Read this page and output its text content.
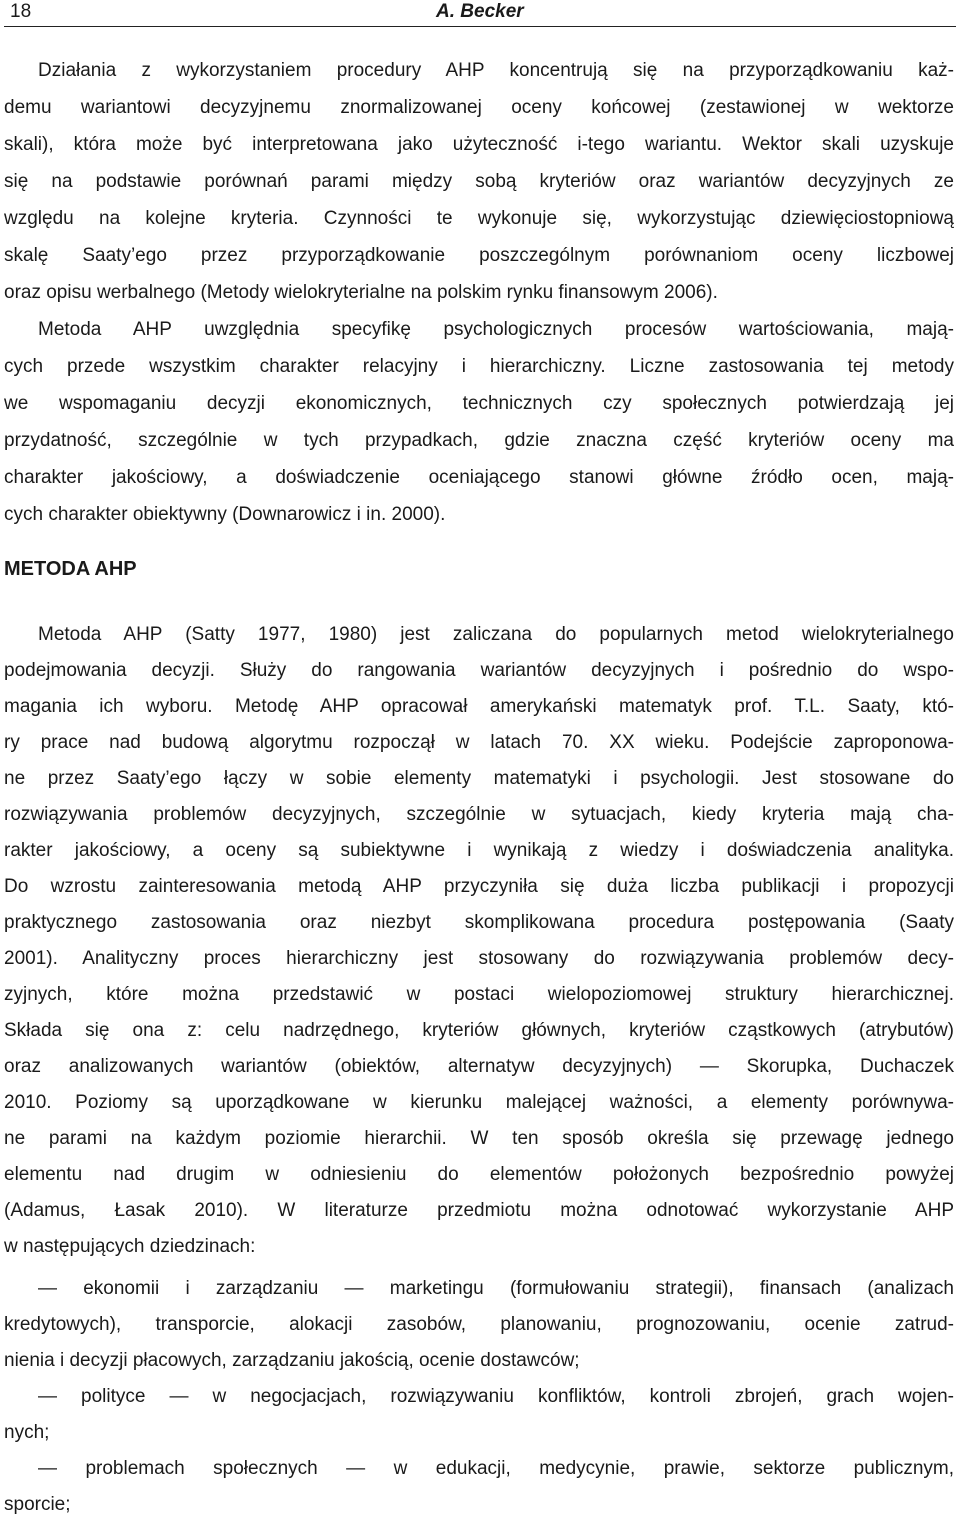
18	A. Becker
Działania z wykorzystaniem procedury AHP koncentrują się na przyporządkowaniu każ-
demu wariantowi decyzyjnemu znormalizowanej oceny końcowej (zestawionej w wektorze
skali), która może być interpretowana jako użyteczność i-tego wariantu. Wektor skali uzyskuje
się na podstawie porównań parami między sobą kryteriów oraz wariantów decyzyjnych ze
względu na kolejne kryteria. Czynności te wykonuje się, wykorzystując dziewięciostopniową
skalę Saaty’ego przez przyporządkowanie poszczególnym porównaniom oceny liczbowej
oraz opisu werbalnego (Metody wielokryterialne na polskim rynku finansowym 2006).
Metoda AHP uwzględnia specyfikę psychologicznych procesów wartościowania, mają-
cych przede wszystkim charakter relacyjny i hierarchiczny. Liczne zastosowania tej metody
we wspomaganiu decyzji ekonomicznych, technicznych czy społecznych potwierdzają jej
przydatność, szczególnie w tych przypadkach, gdzie znaczna część kryteriów oceny ma
charakter jakościowy, a doświadczenie oceniającego stanowi główne źródło ocen, mają-
cych charakter obiektywny (Downarowicz i in. 2000).
METODA AHP
Metoda AHP (Satty 1977, 1980) jest zaliczana do popularnych metod wielokryterialnego
podejmowania decyzji. Służy do rangowania wariantów decyzyjnych i pośrednio do wspo-
magania ich wyboru. Metodę AHP opracował amerykański matematyk prof. T.L. Saaty, któ-
ry prace nad budową algorytmu rozpoczął w latach 70. XX wieku. Podejście zaproponowa-
ne przez Saaty’ego łączy w sobie elementy matematyki i psychologii. Jest stosowane do
rozwiązywania problemów decyzyjnych, szczególnie w sytuacjach, kiedy kryteria mają cha-
rakter jakościowy, a oceny są subiektywne i wynikają z wiedzy i doświadczenia analityka.
Do wzrostu zainteresowania metodą AHP przyczyniła się duża liczba publikacji i propozycji
praktycznego zastosowania oraz niezbyt skomplikowana procedura postępowania (Saaty
2001). Analityczny proces hierarchiczny jest stosowany do rozwiązywania problemów decy-
zyjnych, które można przedstawić w postaci wielopoziomowej struktury hierarchicznej.
Składa się ona z: celu nadrzędnego, kryteriów głównych, kryteriów cząstkowych (atrybutów)
oraz analizowanych wariantów (obiektów, alternatyw decyzyjnych) — Skorupka, Duchaczek
2010. Poziomy są uporządkowane w kierunku malejącej ważności, a elementy porównywa-
ne parami na każdym poziomie hierarchii. W ten sposób określa się przewagę jednego
elementu nad drugim w odniesieniu do elementów położonych bezpośrednio powyżej
(Adamus, Łasak 2010). W literaturze przedmiotu można odnotować wykorzystanie AHP
w następujących dziedzinach:
— ekonomii i zarządzaniu — marketingu (formułowaniu strategii), finansach (analizach
kredytowych), transporcie, alokacji zasobów, planowaniu, prognozowaniu, ocenie zatrud-
nienia i decyzji płacowych, zarządzaniu jakością, ocenie dostawców;
— polityce — w negocjacjach, rozwiązywaniu konfliktów, kontroli zbrojeń, grach wojen-
nych;
— problemach społecznych — w edukacji, medycynie, prawie, sektorze publicznym,
sporcie;
